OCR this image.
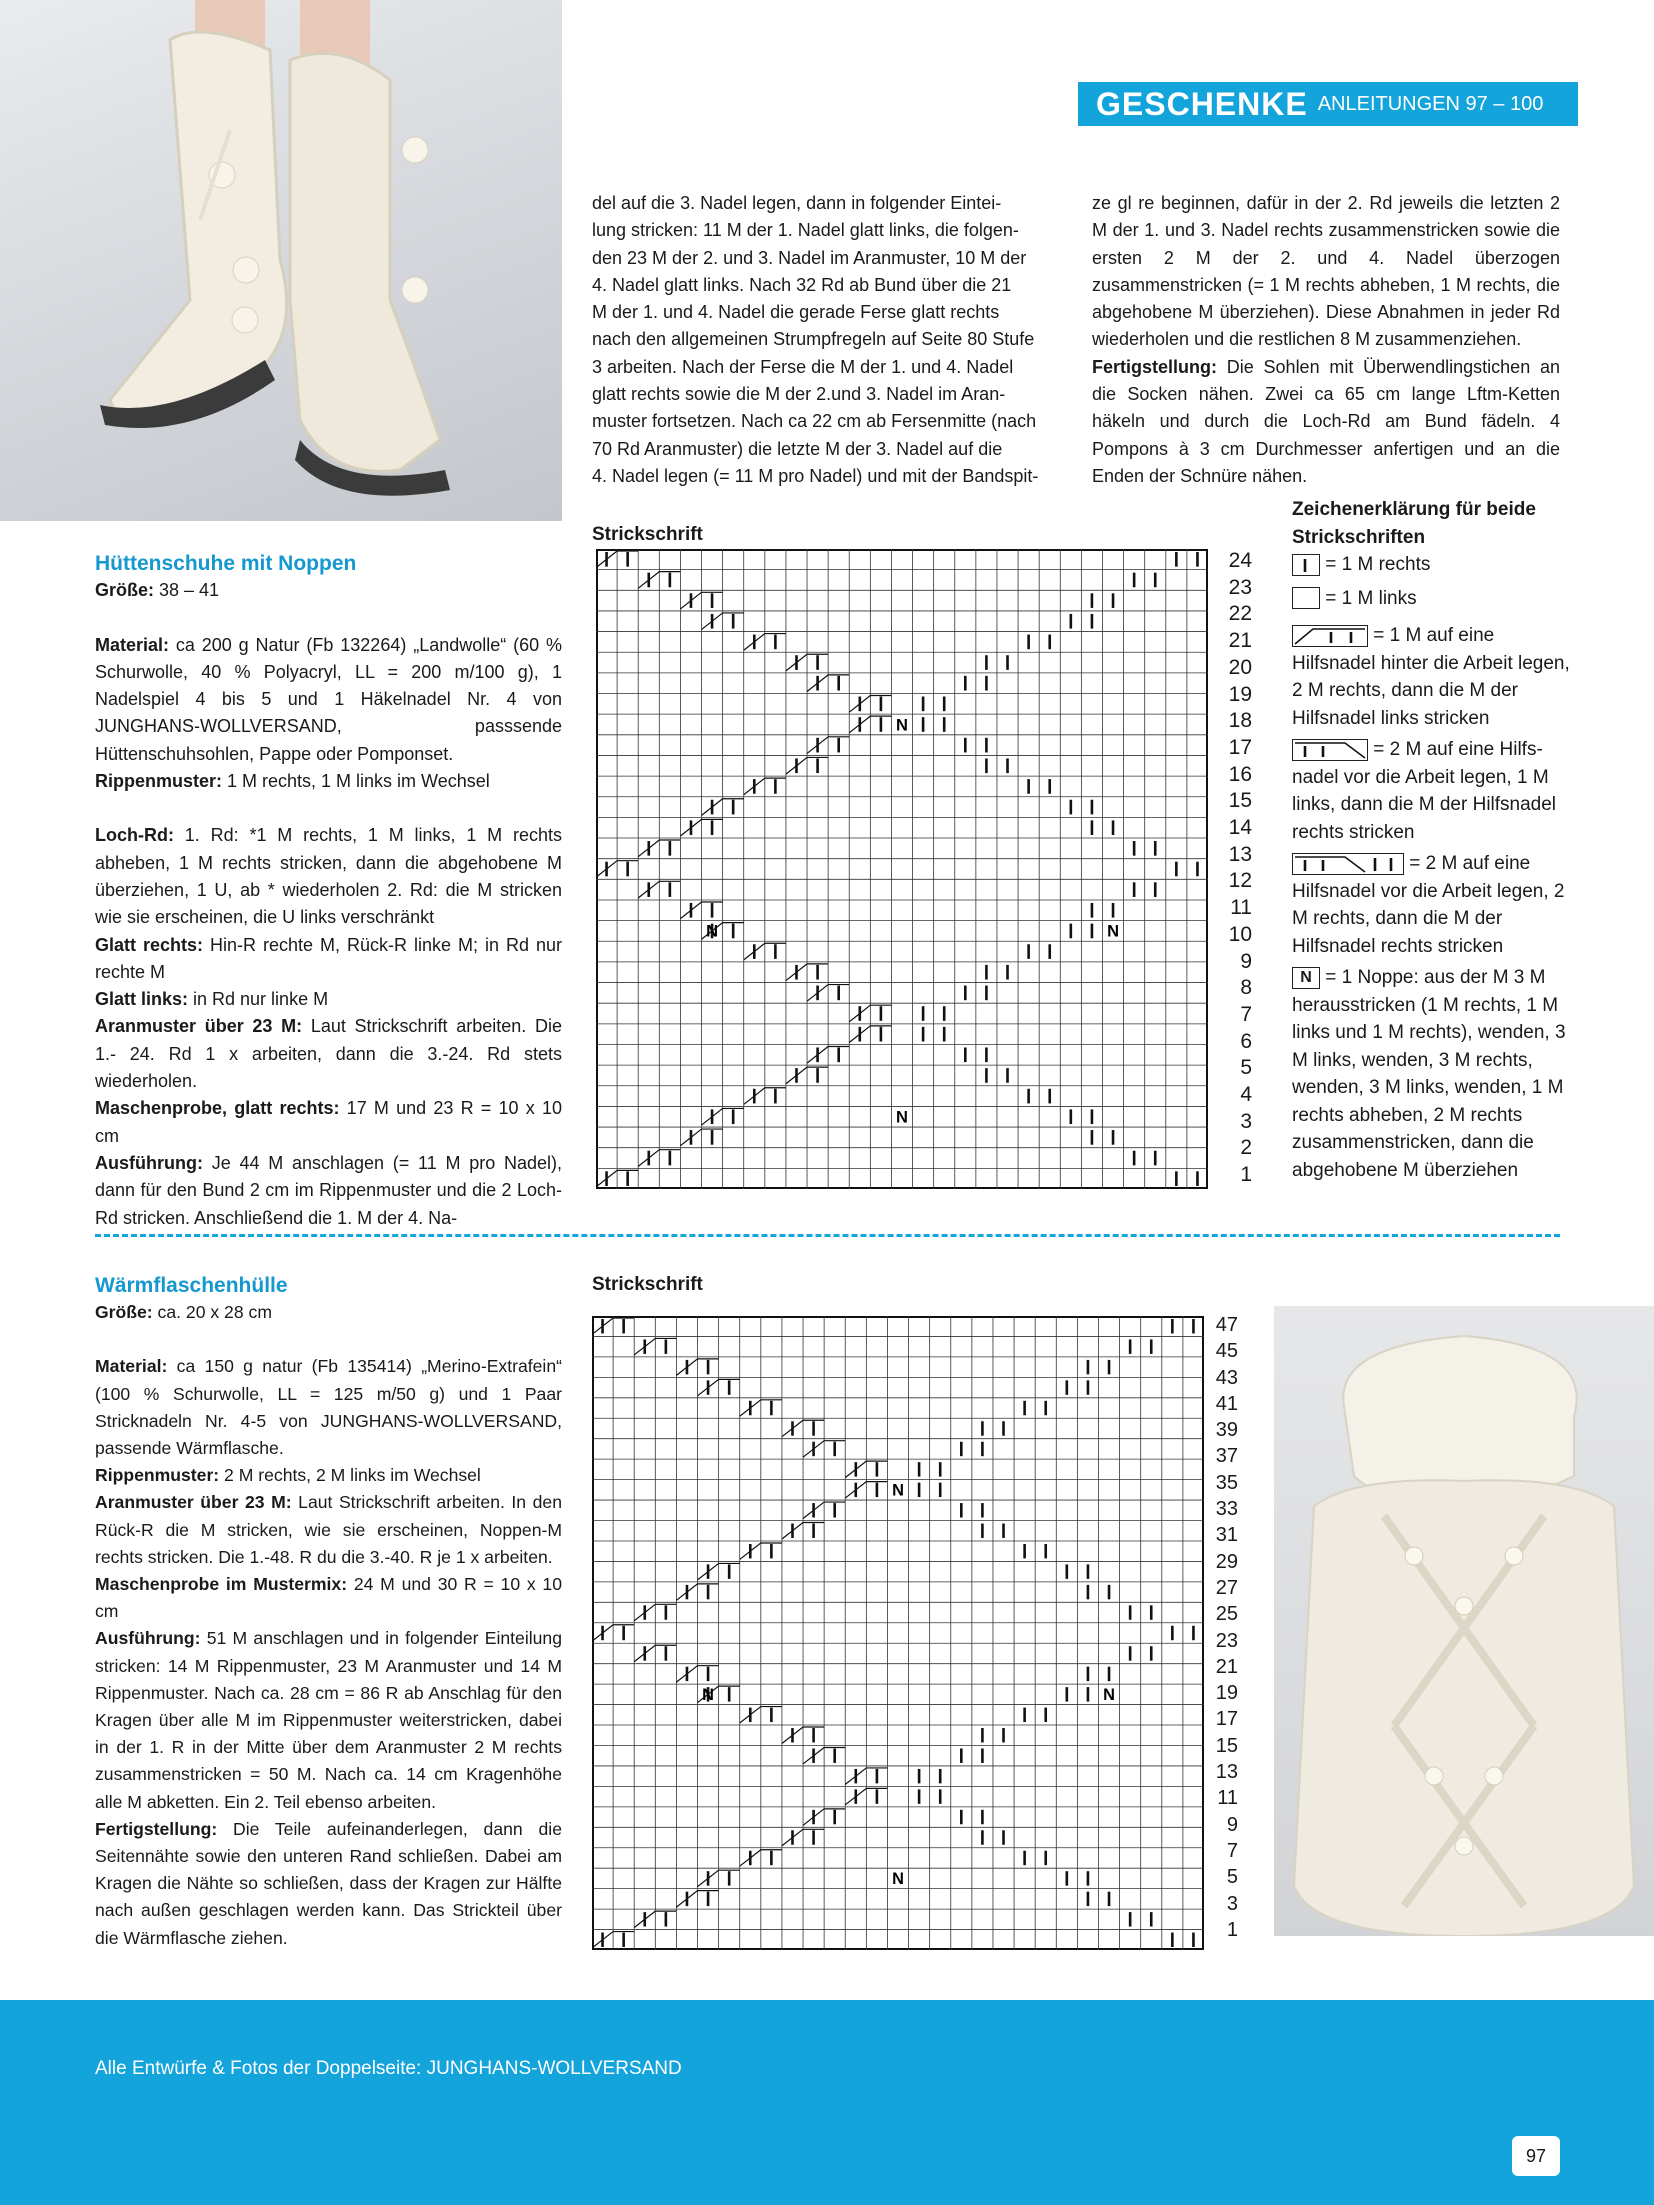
GESCHENKE ANLEITUNGEN 97 – 100

del auf die 3. Nadel legen, dann in folgender Eintei-

lung stricken: 11 M der 1. Nadel glatt links, die folgen-

den 23 M der 2. und 3. Nadel im Aranmuster, 10 M der

4. Nadel glatt links. Nach 32 Rd ab Bund über die 21

M der 1. und 4. Nadel die gerade Ferse glatt rechts

nach den allgemeinen Strumpfregeln auf Seite 80 Stufe

3 arbeiten. Nach der Ferse die M der 1. und 4. Nadel

glatt rechts sowie die M der 2.und 3. Nadel im Aran-

muster fortsetzen. Nach ca 22 cm ab Fersenmitte (nach

70 Rd Aranmuster) die letzte M der 3. Nadel auf die

4. Nadel legen (= 11 M pro Nadel) und mit der Bandspit-

ze gl re beginnen, dafür in der 2. Rd jeweils die letzten 2 M der 1. und 3. Nadel rechts zusammenstricken sowie die ersten 2 M der 2. und 4. Nadel überzogen zusammenstricken (= 1 M rechts abheben, 1 M rechts, die abgehobene M überziehen). Diese Abnahmen in jeder Rd wiederholen und die restlichen 8 M zusammenziehen.

Fertigstellung: Die Sohlen mit Überwendlingstichen an die Socken nähen. Zwei ca 65 cm lange Lftm-Ketten häkeln und durch die Loch-Rd am Bund fädeln. 4 Pompons à 3 cm Durchmesser anfertigen und an die Enden der Schnüre nähen.

Hüttenschuhe mit Noppen

Größe: 38 – 41

Material: ca 200 g Natur (Fb 132264) „Landwolle“ (60 % Schurwolle, 40 % Polyacryl, LL = 200 m/100 g), 1 Nadelspiel 4 bis 5 und 1 Häkelnadel Nr. 4 von JUNGHANS-WOLLVERSAND, passsende Hüttenschuhsohlen, Pappe oder Pomponset.

Rippenmuster: 1 M rechts, 1 M links im Wechsel

Loch-Rd: 1. Rd: *1 M rechts, 1 M links, 1 M rechts abheben, 1 M rechts stricken, dann die abgehobene M überziehen, 1 U, ab * wiederholen 2. Rd: die M stricken wie sie erscheinen, die U links verschränkt

Glatt rechts: Hin-R rechte M, Rück-R linke M; in Rd nur rechte M

Glatt links: in Rd nur linke M

Aranmuster über 23 M: Laut Strickschrift arbeiten. Die 1.- 24. Rd 1 x arbeiten, dann die 3.-24. Rd stets wiederholen.

Maschenprobe, glatt rechts: 17 M und 23 R = 10 x 10 cm

Ausführung: Je 44 M anschlagen (= 11 M pro Nadel), dann für den Bund 2 cm im Rippenmuster und die 2 Loch-Rd stricken. Anschließend die 1. M der 4. Na-

Strickschrift
N
N	N
N
24
23
22
21
20
19
18
17
16
15
14
13
12
11
10
9
8
7
6
5
4
3
2
1
Zeichenerklärung für beide Strickschriften
= 1 M rechts
= 1 M links
= 1 M auf eine
Hilfsnadel hinter die Arbeit legen, 2 M rechts, dann die M der Hilfsnadel links stricken
= 2 M auf eine Hilfs-
nadel vor die Arbeit legen, 1 M links, dann die M der Hilfsnadel rechts stricken
= 2 M auf eine
Hilfsnadel vor die Arbeit legen, 2 M rechts, dann die M der Hilfsnadel rechts stricken
N = 1 Noppe: aus der M 3 M
herausstricken (1 M rechts, 1 M links und 1 M rechts), wenden, 3 M links, wenden, 3 M rechts, wenden, 3 M links, wenden, 1 M rechts abheben, 2 M rechts zusammenstricken, dann die abgehobene M überziehen
Wärmflaschenhülle

Größe: ca. 20 x 28 cm

Material: ca 150 g natur (Fb 135414) „Merino-Extrafein“ (100 % Schurwolle, LL = 125 m/50 g) und 1 Paar Stricknadeln Nr. 4-5 von JUNGHANS-WOLLVERSAND, passende Wärmflasche.

Rippenmuster: 2 M rechts, 2 M links im Wechsel

Aranmuster über 23 M: Laut Strickschrift arbeiten. In den Rück-R die M stricken, wie sie erscheinen, Noppen-M rechts stricken. Die 1.-48. R du die 3.-40. R je 1 x arbeiten.

Maschenprobe im Mustermix: 24 M und 30 R = 10 x 10 cm

Ausführung: 51 M anschlagen und in folgender Einteilung stricken: 14 M Rippenmuster, 23 M Aranmuster und 14 M Rippenmuster. Nach ca. 28 cm = 86 R ab Anschlag für den Kragen über alle M im Rippenmuster weiterstricken, dabei in der 1. R in der Mitte über dem Aranmuster 2 M rechts zusammenstricken = 50 M. Nach ca. 14 cm Kragenhöhe alle M abketten. Ein 2. Teil ebenso arbeiten.

Fertigstellung: Die Teile aufeinanderlegen, dann die Seitennähte sowie den unteren Rand schließen. Dabei am Kragen die Nähte so schließen, dass der Kragen zur Hälfte nach außen geschlagen werden kann. Das Strickteil über die Wärmflasche ziehen.

Strickschrift
N
N	N
N
47
45
43
41
39
37
35
33
31
29
27
25
23
21
19
17
15
13
11
9
7
5
3
1
Alle Entwürfe & Fotos der Doppelseite: JUNGHANS-WOLLVERSAND
97
